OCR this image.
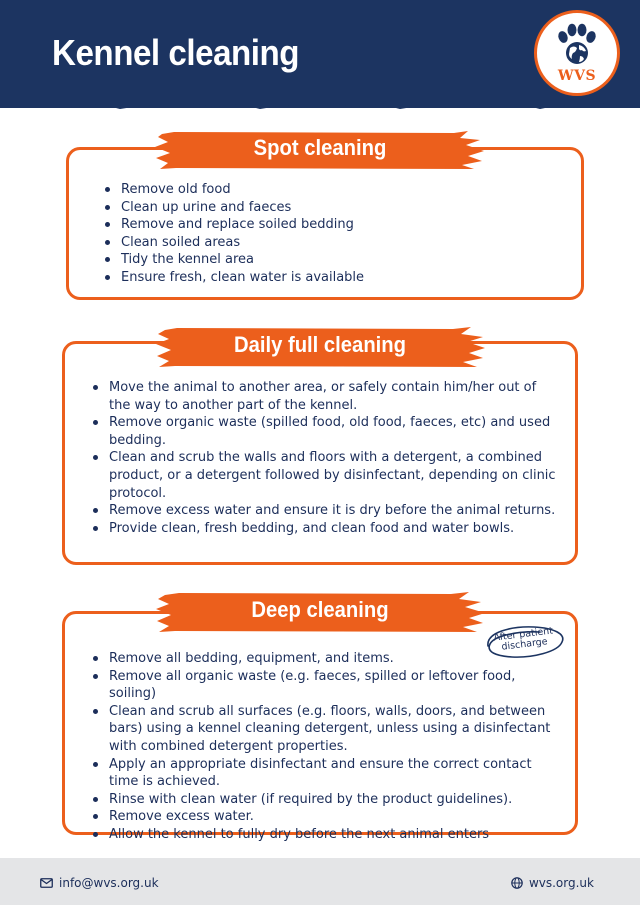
Kennel cleaning
WVS
Remove old food
Clean up urine and faeces
Remove and replace soiled bedding
Clean soiled areas
Tidy the kennel area
Ensure fresh, clean water is available
Spot cleaning
Move the animal to another area, or safely contain him/her out of the way to another part of the kennel.
Remove organic waste (spilled food, old food, faeces, etc) and used bedding.
Clean and scrub the walls and floors with a detergent, a combined product, or a detergent followed by disinfectant, depending on clinic protocol.
Remove excess water and ensure it is dry before the animal returns.
Provide clean, fresh bedding, and clean food and water bowls.
Daily full cleaning
Remove all bedding, equipment, and items.
Remove all organic waste (e.g. faeces, spilled or leftover food, soiling)
Clean and scrub all surfaces (e.g. floors, walls, doors, and between bars) using a kennel cleaning detergent, unless using a disinfectant with combined detergent properties.
Apply an appropriate disinfectant and ensure the correct contact time is achieved.
Rinse with clean water (if required by the product guidelines).
Remove excess water.
Allow the kennel to fully dry before the next animal enters
Deep cleaning
After patient discharge
info@wvs.org.uk	wvs.org.uk
